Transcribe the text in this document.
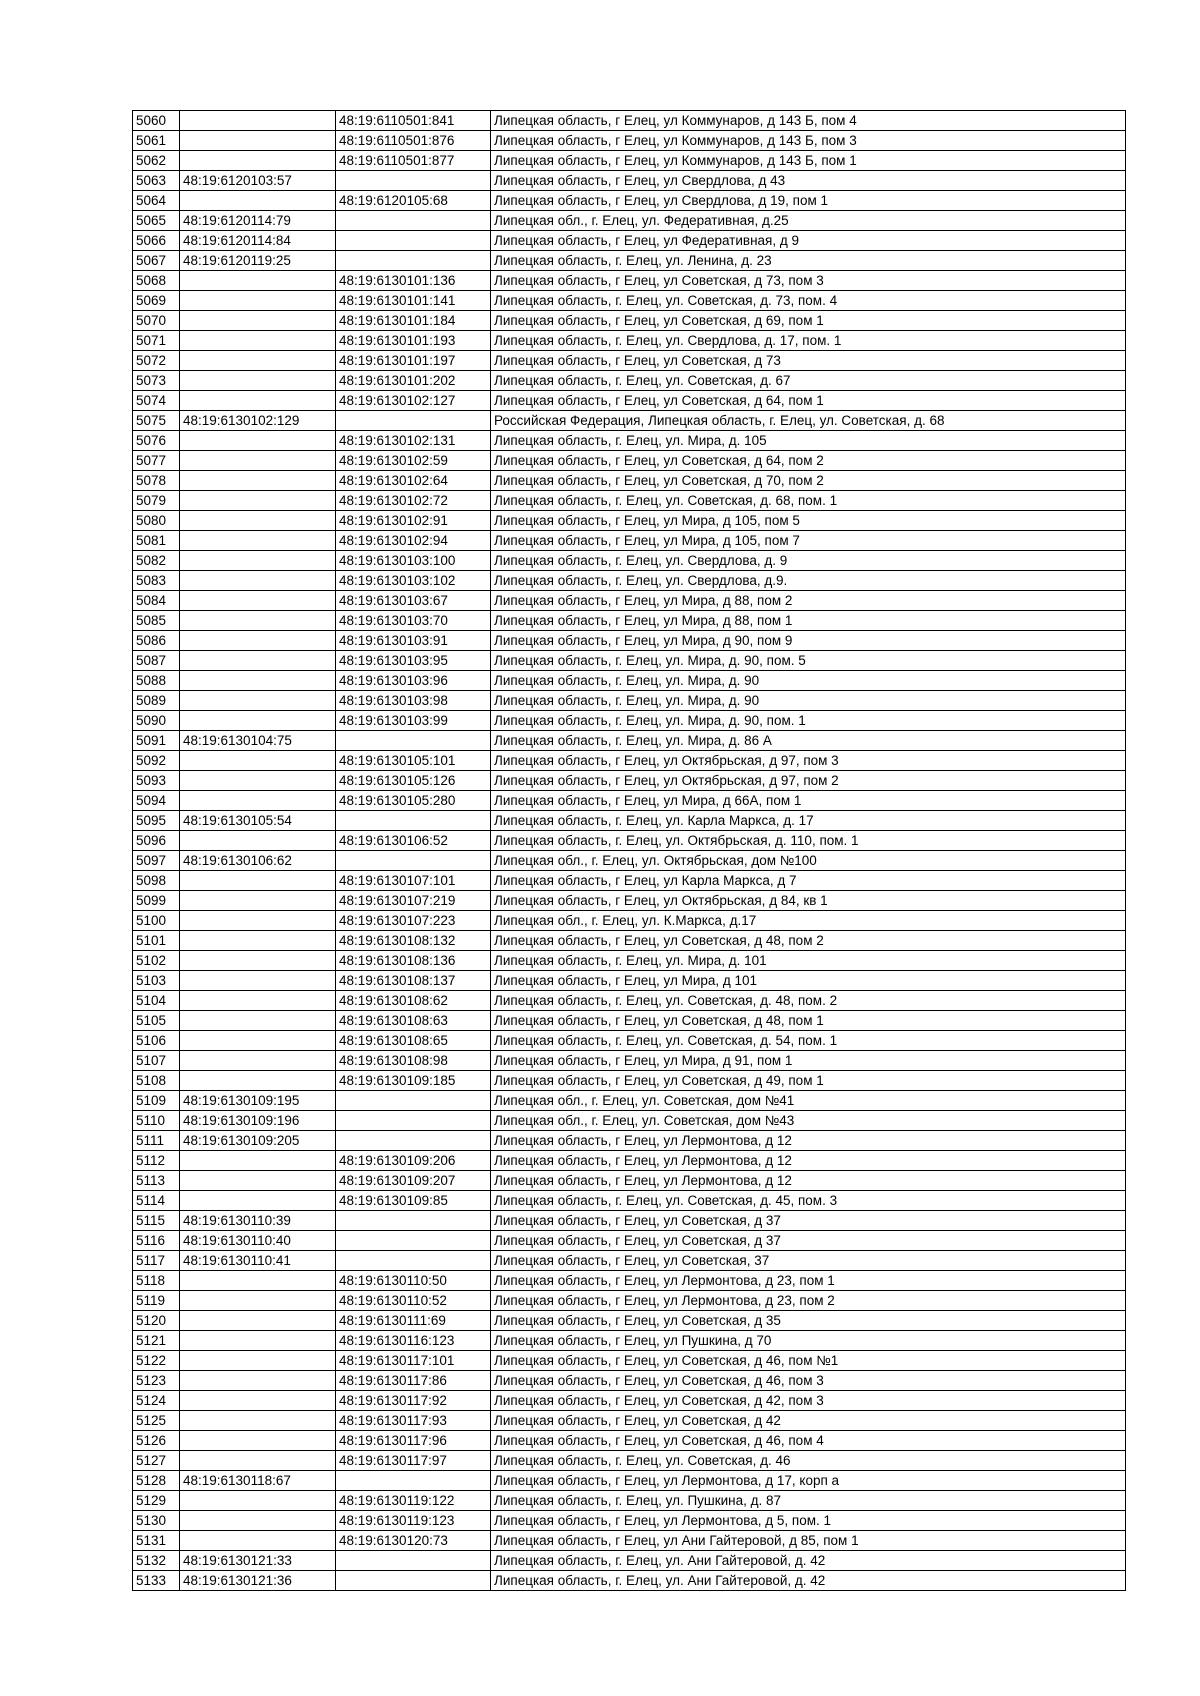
5060		48:19:6110501:841	Липецкая область, г Елец, ул Коммунаров, д 143 Б, пом 4
5061		48:19:6110501:876	Липецкая область, г Елец, ул Коммунаров, д 143 Б, пом 3
5062		48:19:6110501:877	Липецкая область, г Елец, ул Коммунаров, д 143 Б, пом 1
5063	48:19:6120103:57		Липецкая область, г Елец, ул Свердлова, д 43
5064		48:19:6120105:68	Липецкая область, г Елец, ул Свердлова, д 19, пом 1
5065	48:19:6120114:79		Липецкая обл., г. Елец, ул. Федеративная, д.25
5066	48:19:6120114:84		Липецкая область, г Елец, ул Федеративная, д 9
5067	48:19:6120119:25		Липецкая область, г. Елец, ул. Ленина, д. 23
5068		48:19:6130101:136	Липецкая область, г Елец, ул Советская, д 73, пом 3
5069		48:19:6130101:141	Липецкая область, г. Елец, ул. Советская, д. 73, пом. 4
5070		48:19:6130101:184	Липецкая область, г Елец, ул Советская, д 69, пом 1
5071		48:19:6130101:193	Липецкая область, г. Елец, ул. Свердлова, д. 17, пом. 1
5072		48:19:6130101:197	Липецкая область, г Елец, ул Советская, д 73
5073		48:19:6130101:202	Липецкая область, г. Елец, ул. Советская, д. 67
5074		48:19:6130102:127	Липецкая область, г Елец, ул Советская, д 64, пом 1
5075	48:19:6130102:129		Российская Федерация, Липецкая область, г. Елец, ул. Советская, д. 68
5076		48:19:6130102:131	Липецкая область, г. Елец, ул. Мира, д. 105
5077		48:19:6130102:59	Липецкая область, г Елец, ул Советская, д 64, пом 2
5078		48:19:6130102:64	Липецкая область, г Елец, ул Советская, д 70, пом 2
5079		48:19:6130102:72	Липецкая область, г. Елец, ул. Советская, д. 68, пом. 1
5080		48:19:6130102:91	Липецкая область, г Елец, ул Мира, д 105, пом 5
5081		48:19:6130102:94	Липецкая область, г Елец, ул Мира, д 105, пом 7
5082		48:19:6130103:100	Липецкая область, г. Елец, ул. Свердлова, д. 9
5083		48:19:6130103:102	Липецкая область, г. Елец, ул. Свердлова, д.9.
5084		48:19:6130103:67	Липецкая область, г Елец, ул Мира, д 88, пом 2
5085		48:19:6130103:70	Липецкая область, г Елец, ул Мира, д 88, пом 1
5086		48:19:6130103:91	Липецкая область, г Елец, ул Мира, д 90, пом 9
5087		48:19:6130103:95	Липецкая область, г. Елец, ул. Мира, д. 90, пом. 5
5088		48:19:6130103:96	Липецкая область, г. Елец, ул. Мира, д. 90
5089		48:19:6130103:98	Липецкая область, г. Елец, ул. Мира, д. 90
5090		48:19:6130103:99	Липецкая область, г. Елец, ул. Мира, д. 90, пом. 1
5091	48:19:6130104:75		Липецкая область, г. Елец, ул. Мира, д. 86 А
5092		48:19:6130105:101	Липецкая область, г Елец, ул Октябрьская, д 97, пом 3
5093		48:19:6130105:126	Липецкая область, г Елец, ул Октябрьская, д 97, пом 2
5094		48:19:6130105:280	Липецкая область, г Елец, ул Мира, д 66А, пом 1
5095	48:19:6130105:54		Липецкая область, г. Елец, ул. Карла Маркса, д. 17
5096		48:19:6130106:52	Липецкая область, г. Елец, ул. Октябрьская, д. 110, пом. 1
5097	48:19:6130106:62		Липецкая обл., г. Елец, ул. Октябрьская, дом №100
5098		48:19:6130107:101	Липецкая область, г Елец, ул Карла Маркса, д 7
5099		48:19:6130107:219	Липецкая область, г Елец, ул Октябрьская, д 84, кв 1
5100		48:19:6130107:223	Липецкая обл., г. Елец, ул. К.Маркса, д.17
5101		48:19:6130108:132	Липецкая область, г Елец, ул Советская, д 48, пом 2
5102		48:19:6130108:136	Липецкая область, г. Елец, ул. Мира, д. 101
5103		48:19:6130108:137	Липецкая область, г Елец, ул Мира, д 101
5104		48:19:6130108:62	Липецкая область, г. Елец, ул. Советская, д. 48, пом. 2
5105		48:19:6130108:63	Липецкая область, г Елец, ул Советская, д 48, пом 1
5106		48:19:6130108:65	Липецкая область, г. Елец, ул. Советская, д. 54, пом. 1
5107		48:19:6130108:98	Липецкая область, г Елец, ул Мира, д 91, пом 1
5108		48:19:6130109:185	Липецкая область, г Елец, ул Советская, д 49, пом 1
5109	48:19:6130109:195		Липецкая обл., г. Елец, ул. Советская, дом №41
5110	48:19:6130109:196		Липецкая обл., г. Елец, ул. Советская, дом №43
5111	48:19:6130109:205		Липецкая область, г Елец, ул Лермонтова, д 12
5112		48:19:6130109:206	Липецкая область, г Елец, ул Лермонтова, д 12
5113		48:19:6130109:207	Липецкая область, г Елец, ул Лермонтова, д 12
5114		48:19:6130109:85	Липецкая область, г. Елец, ул. Советская, д. 45, пом. 3
5115	48:19:6130110:39		Липецкая область, г Елец, ул Советская, д 37
5116	48:19:6130110:40		Липецкая область, г Елец, ул Советская, д 37
5117	48:19:6130110:41		Липецкая область, г Елец, ул Советская, 37
5118		48:19:6130110:50	Липецкая область, г Елец, ул Лермонтова, д 23, пом 1
5119		48:19:6130110:52	Липецкая область, г Елец, ул Лермонтова, д 23, пом 2
5120		48:19:6130111:69	Липецкая область, г Елец, ул Советская, д 35
5121		48:19:6130116:123	Липецкая область, г Елец, ул Пушкина, д 70
5122		48:19:6130117:101	Липецкая область, г Елец, ул Советская, д 46, пом №1
5123		48:19:6130117:86	Липецкая область, г Елец, ул Советская, д 46, пом 3
5124		48:19:6130117:92	Липецкая область, г Елец, ул Советская, д 42, пом 3
5125		48:19:6130117:93	Липецкая область, г Елец, ул Советская, д 42
5126		48:19:6130117:96	Липецкая область, г Елец, ул Советская, д 46, пом 4
5127		48:19:6130117:97	Липецкая область, г. Елец, ул. Советская, д. 46
5128	48:19:6130118:67		Липецкая область, г Елец, ул Лермонтова, д 17, корп а
5129		48:19:6130119:122	Липецкая область, г. Елец, ул. Пушкина, д. 87
5130		48:19:6130119:123	Липецкая область, г Елец, ул Лермонтова, д 5, пом. 1
5131		48:19:6130120:73	Липецкая область, г Елец, ул Ани Гайтеровой, д 85, пом 1
5132	48:19:6130121:33		Липецкая область, г. Елец, ул. Ани Гайтеровой, д. 42
5133	48:19:6130121:36		Липецкая область, г. Елец, ул. Ани Гайтеровой, д. 42
